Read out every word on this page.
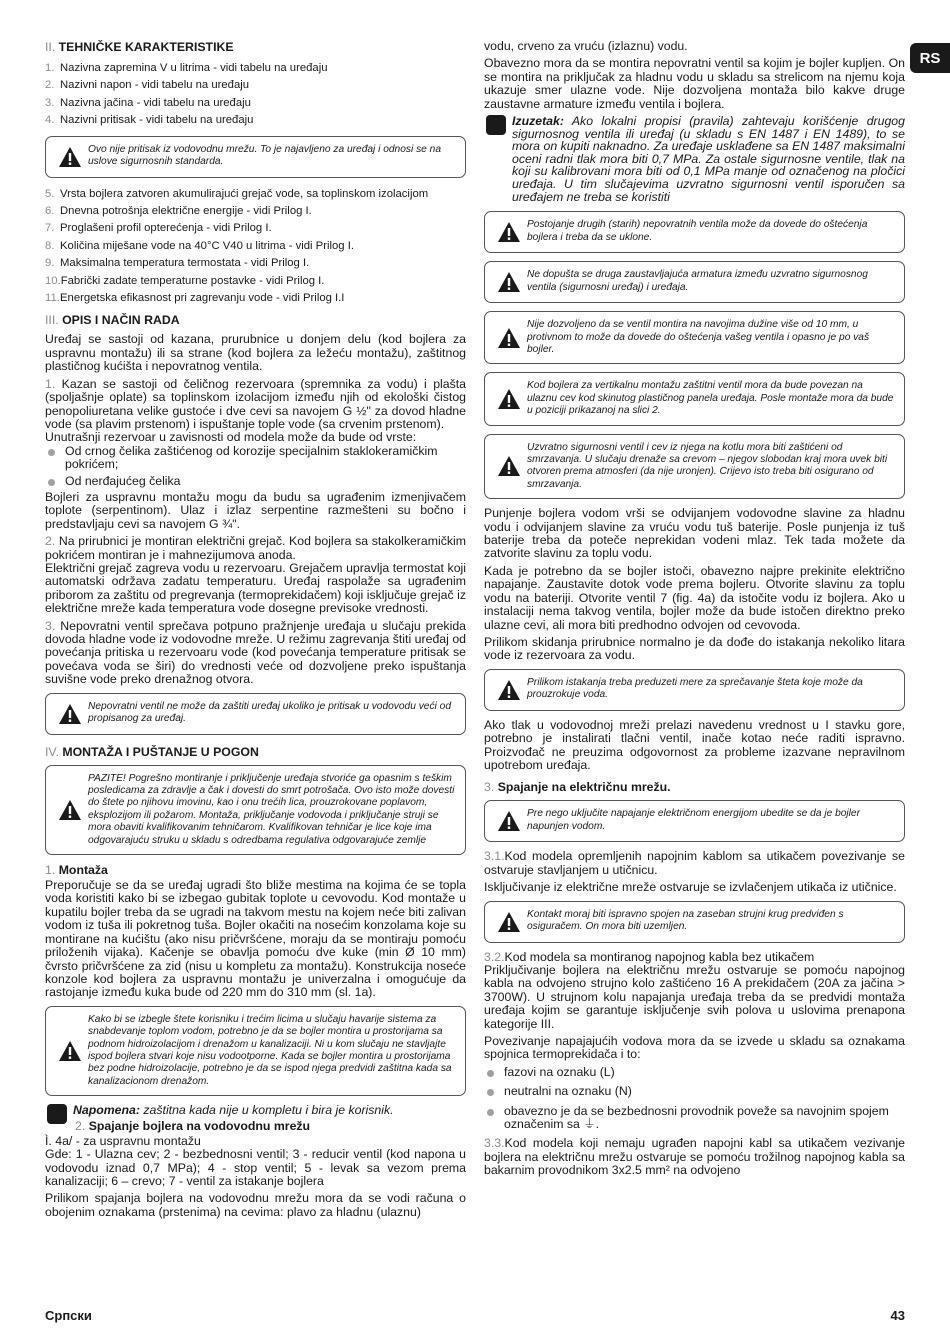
RS
II. TEHNIČKE KARAKTERISTIKE
1. Nazivna zapremina V u litrima - vidi tabelu na uređaju
2. Nazivni napon - vidi tabelu na uređaju
3. Nazivna jačina - vidi tabelu na uređaju
4. Nazivni pritisak - vidi tabelu na uređaju
Ovo nije pritisak iz vodovodnu mrežu. To je najavljeno za uređaj i odnosi se na uslove sigurnosnih standarda.
5. Vrsta bojlera zatvoren akumulirajući grejač vode, sa toplinskom izolacijom
6. Dnevna potrošnja električne energije - vidi Prilog I.
7. Proglašeni profil opterećenja - vidi Prilog I.
8. Količina miješane vode na 40°C V40 u litrima - vidi Prilog I.
9. Maksimalna temperatura termostata - vidi Prilog I.
10.Fabrički zadate temperaturne postavke - vidi Prilog I.
11.Energetska efikasnost pri zagrevanju vode - vidi Prilog I.I
III. OPIS I NAČIN RADA

Uređaj se sastoji od kazana, prurubnice u donjem delu (kod bojlera za uspravnu montažu) ili sa strane (kod bojlera za ležeću montažu), zaštitnog plastičnog kućišta i nepovratnog ventila.

1. Kazan se sastoji od čeličnog rezervoara (spremnika za vodu) i plašta (spoljašnje oplate) sa toplinskom izolacijom između njih od ekološki čistog penopoliuretana velike gustoće i dve cevi sa navojem G ½" za dovod hladne vode (sa plavim prstenom) i ispuštanje tople vode (sa crvenim prstenom).

Unutrašnji rezervoar u zavisnosti od modela može da bude od vrste:

Od crnog čelika zaštićenog od korozije specijalnim staklokeramičkim pokrićem;
Od nerđajućeg čelika

Bojleri za uspravnu montažu mogu da budu sa ugrađenim izmenjivačem toplote (serpentinom). Ulaz i izlaz serpentine razmešteni su bočno i predstavljaju cevi sa navojem G ¾".

2. Na prirubnici je montiran električni grejač. Kod bojlera sa stakolkeramičkim pokrićem montiran je i mahnezijumova anoda.

Električni grejač zagreva vodu u rezervoaru. Grejačem upravlja termostat koji automatski održava zadatu temperaturu. Uređaj raspolaže sa ugrađenim priborom za zaštitu od pregrevanja (termoprekidačem) koji isključuje grejač iz električne mreže kada temperatura vode dosegne previsoke vrednosti.

3. Nepovratni ventil sprečava potpuno pražnjenje uređaja u slučaju prekida dovoda hladne vode iz vodovodne mreže. U režimu zagrevanja štiti uređaj od povećanja pritiska u rezervoaru vode (kod povećanja temperature pritisak se povećava voda se širi) do vrednosti veće od dozvoljene preko ispuštanja suvišne vode preko drenažnog otvora.

Nepovratni ventil ne može da zaštiti uređaj ukoliko je pritisak u vodovodu veći od propisanog za uređaj.
IV. MONTAŽA I PUŠTANJE U POGON
PAZITE! Pogrešno montiranje i priključenje uređaja stvoriće ga opasnim s teškim posledicama za zdravlje a čak i dovesti do smrt potrošača. Ovo isto može dovesti do štete po njihovu imovinu, kao i onu trećih lica, prouzrokovane poplavom, eksplozijom ili požarom. Montaža, priključanje vodovoda i priključanje struji se mora obaviti kvalifikovanim tehničarom. Kvalifikovan tehničar je lice koje ima odgovarajuću struku u skladu s odredbama regulativa odgovarajuće zemlje
1. Montaža

Preporučuje se da se uređaj ugradi što bliže mestima na kojima će se topla voda koristiti kako bi se izbegao gubitak toplote u cevovodu. Kod montaže u kupatilu bojler treba da se ugradi na takvom mestu na kojem neće biti zalivan vodom iz tuša ili pokretnog tuša. Bojler okačiti na nosećim konzolama koje su montirane na kućištu (ako nisu pričvršćene, moraju da se montiraju pomoću priloženih vijaka). Kačenje se obavlja pomoću dve kuke (min Ø 10 mm) čvrsto pričvršćene za zid (nisu u kompletu za montažu). Konstrukcija noseće konzole kod bojlera za uspravnu montažu je univerzalna i omogućuje da rastojanje između kuka bude od 220 mm do 310 mm (sl. 1a).

Kako bi se izbegle štete korisniku i trećim licima u slučaju havarije sistema za snabdevanje toplom vodom, potrebno je da se bojler montira u prostorijama sa podnom hidroizolacijom i drenažom u kanalizaciji. Ni u kom slučaju ne stavljajte ispod bojlera stvari koje nisu vodootporne. Kada se bojler montira u prostorijama bez podne hidroizolacije, potrebno je da se ispod njega predvidi zaštitna kada sa kanalizacionom drenažom.
Napomena: zaštitna kada nije u kompletu i bira je korisnik.
2. Spajanje bojlera na vodovodnu mrežu

Ì. 4a/ - za uspravnu montažu

Gde: 1 - Ulazna cev; 2 - bezbednosni ventil; 3 - reducir ventil (kod napona u vodovodu iznad 0,7 MPa); 4 - stop ventil; 5 - levak sa vezom prema kanalizaciji; 6 – crevo; 7 - ventil za istakanje bojlera

Prilikom spajanja bojlera na vodovodnu mrežu mora da se vodi računa o obojenim oznakama (prstenima) na cevima: plavo za hladnu (ulaznu)

vodu, crveno za vruću (izlaznu) vodu.

Obavezno mora da se montira nepovratni ventil sa kojim je bojler kupljen. On se montira na priključak za hladnu vodu u skladu sa strelicom na njemu koja ukazuje smer ulazne vode. Nije dozvoljena montaža bilo kakve druge zaustavne armature između ventila i bojlera.

Izuzetak: Ako lokalni propisi (pravila) zahtevaju korišćenje drugog sigurnosnog ventila ili uređaj (u skladu s EN 1487 i EN 1489), to se mora on kupiti naknadno. Za uređaje usklađene sa EN 1487 maksimalni oceni radni tlak mora biti 0,7 MPa. Za ostale sigurnosne ventile, tlak na koji su kalibrovani mora biti od 0,1 MPa manje od označenog na pločici uređaja. U tim slučajevima uzvratno sigurnosni ventil isporučen sa uređajem ne treba se koristiti
Postojanje drugih (starih) nepovratnih ventila može da dovede do oštećenja bojlera i treba da se uklone.
Ne dopušta se druga zaustavljajuća armatura između uzvratno sigurnosnog ventila (sigurnosni uređaj) i uređaja.
Nije dozvoljeno da se ventil montira na navojima dužine više od 10 mm, u protivnom to može da dovede do oštećenja vašeg ventila i opasno je po vaš bojler.
Kod bojlera za vertikalnu montažu zaštitni ventil mora da bude povezan na ulaznu cev kod skinutog plastičnog panela uređaja. Posle montaže mora da bude u poziciji prikazanoj na slici 2.
Uzvratno sigurnosni ventil i cev iz njega na kotlu mora biti zaštićeni od smrzavanja. U slučaju drenaže sa crevom – njegov slobodan kraj mora uvek biti otvoren prema atmosferi (da nije uronjen). Crijevo isto treba biti osigurano od smrzavanja.

Punjenje bojlera vodom vrši se odvijanjem vodovodne slavine za hladnu vodu i odvijanjem slavine za vruću vodu tuš baterije. Posle punjenja iz tuš baterije treba da poteče neprekidan vodeni mlaz. Tek tada možete da zatvorite slavinu za toplu vodu.

Kada je potrebno da se bojler istoči, obavezno najpre prekinite električno napajanje. Zaustavite dotok vode prema bojleru. Otvorite slavinu za toplu vodu na bateriji. Otvorite ventil 7 (fig. 4a) da istočite vodu iz bojlera. Ako u instalaciji nema takvog ventila, bojler može da bude istočen direktno preko ulazne cevi, ali mora biti predhodno odvojen od cevovoda.

Prilikom skidanja prirubnice normalno je da dođe do istakanja nekoliko litara vode iz rezervoara za vodu.

Prilikom istakanja treba preduzeti mere za sprečavanje šteta koje može da prouzrokuje voda.

Ako tlak u vodovodnoj mreži prelazi navedenu vrednost u I stavku gore, potrebno je instalirati tlačni ventil, inače kotao neće raditi ispravno. Proizvođač ne preuzima odgovornost za probleme izazvane nepravilnom upotrebom uređaja.

3. Spajanje na električnu mrežu.
Pre nego uključite napajanje električnom energijom ubedite se da je bojler napunjen vodom.

3.1.Kod modela opremljenih napojnim kablom sa utikačem povezivanje se ostvaruje stavljanjem u utičnicu.

Isključivanje iz električne mreže ostvaruje se izvlačenjem utikača iz utičnice.

Kontakt moraj biti ispravno spojen na zaseban strujni krug predviđen s osiguračem. On mora biti uzemljen.

3.2.Kod modela sa montiranog napojnog kabla bez utikačem

Priključivanje bojlera na električnu mrežu ostvaruje se pomoću napojnog kabla na odvojeno strujno kolo zaštićeno 16 A prekidačem (20A za jačina > 3700W). U strujnom kolu napajanja uređaja treba da se predvidi montaža uređaja kojim se garantuje isključenje svih polova u uslovima prenapona kategorije III.

Povezivanje napajajućih vodova mora da se izvede u skladu sa oznakama spojnica termoprekidača i to:

fazovi na oznaku (L)
neutralni na oznaku (N)
obavezno je da se bezbednosni provodnik poveže sa navojnim spojem označenim sa ⏚.

3.3.Kod modela koji nemaju ugrađen napojni kabl sa utikačem vezivanje bojlera na električnu mrežu ostvaruje se pomoću trožilnog napojnog kabla sa bakarnim provodnikom 3x2.5 mm² na odvojeno

Српски	43
